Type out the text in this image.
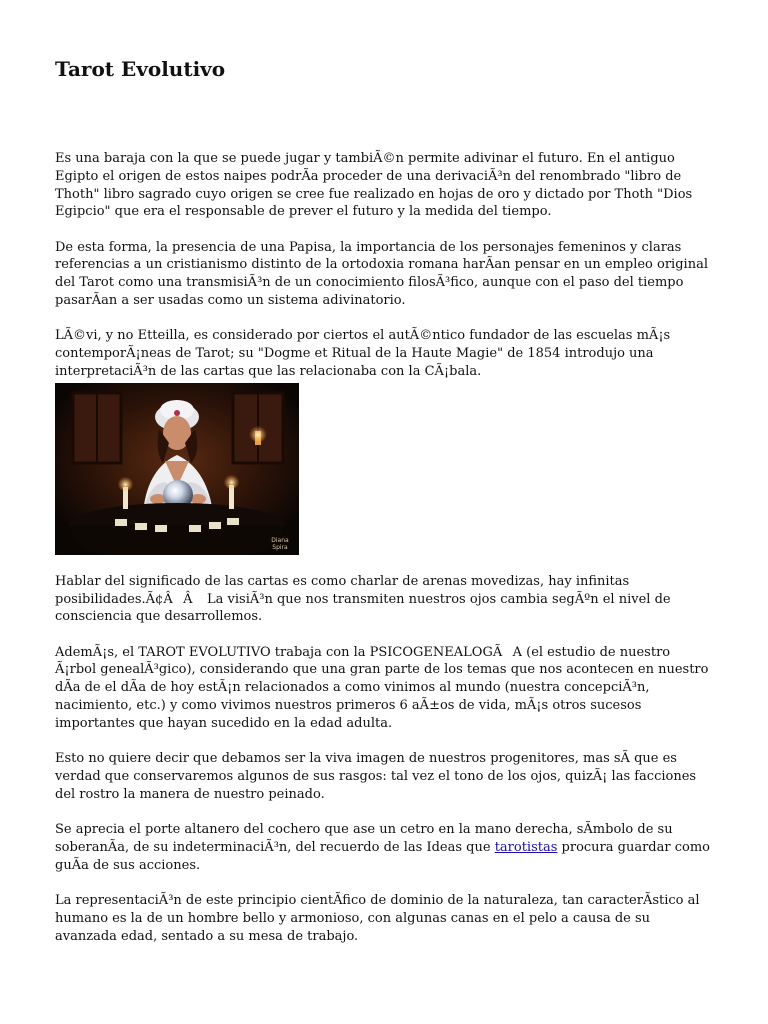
Tarot Evolutivo

Es una baraja con la que se puede jugar y tambiÃ©n permite adivinar el futuro. En el antiguo Egipto el origen de estos naipes podrÃa proceder de una derivaciÃ³n del renombrado "libro de Thoth" libro sagrado cuyo origen se cree fue realizado en hojas de oro y dictado por Thoth "Dios Egipcio" que era el responsable de prever el futuro y la medida del tiempo.

De esta forma, la presencia de una Papisa, la importancia de los personajes femeninos y claras referencias a un cristianismo distinto de la ortodoxia romana harÃan pensar en un empleo original del Tarot como una transmisiÃ³n de un conocimiento filosÃ³fico, aunque con el paso del tiempo pasarÃan a ser usadas como un sistema adivinatorio.

LÃ©vi, y no Etteilla, es considerado por ciertos el autÃ©ntico fundador de las escuelas mÃ¡s contemporÃ¡neas de Tarot; su "Dogme et Ritual de la Haute Magie" de 1854 introdujo una interpretaciÃ³n de las cartas que las relacionaba con la CÃ¡bala.

Diana Spira

Hablar del significado de las cartas es como charlar de arenas movedizas, hay infinitas posibilidades.Ã¢ÂÂ La visiÃ³n que nos transmiten nuestros ojos cambia segÃºn el nivel de consciencia que desarrollemos.

AdemÃ¡s, el TAROT EVOLUTIVO trabaja con la PSICOGENEALOGÃA (el estudio de nuestro Ã¡rbol genealÃ³gico), considerando que una gran parte de los temas que nos acontecen en nuestro dÃa de el dÃa de hoy estÃ¡n relacionados a como vinimos al mundo (nuestra concepciÃ³n, nacimiento, etc.) y como vivimos nuestros primeros 6 aÃ±os de vida, mÃ¡s otros sucesos importantes que hayan sucedido en la edad adulta.

Esto no quiere decir que debamos ser la viva imagen de nuestros progenitores, mas sÃ que es verdad que conservaremos algunos de sus rasgos: tal vez el tono de los ojos, quizÃ¡ las facciones del rostro la manera de nuestro peinado.

Se aprecia el porte altanero del cochero que ase un cetro en la mano derecha, sÃmbolo de su soberanÃa, de su indeterminaciÃ³n, del recuerdo de las Ideas que tarotistas procura guardar como guÃa de sus acciones.

La representaciÃ³n de este principio cientÃfico de dominio de la naturaleza, tan caracterÃstico al humano es la de un hombre bello y armonioso, con algunas canas en el pelo a causa de su avanzada edad, sentado a su mesa de trabajo.
